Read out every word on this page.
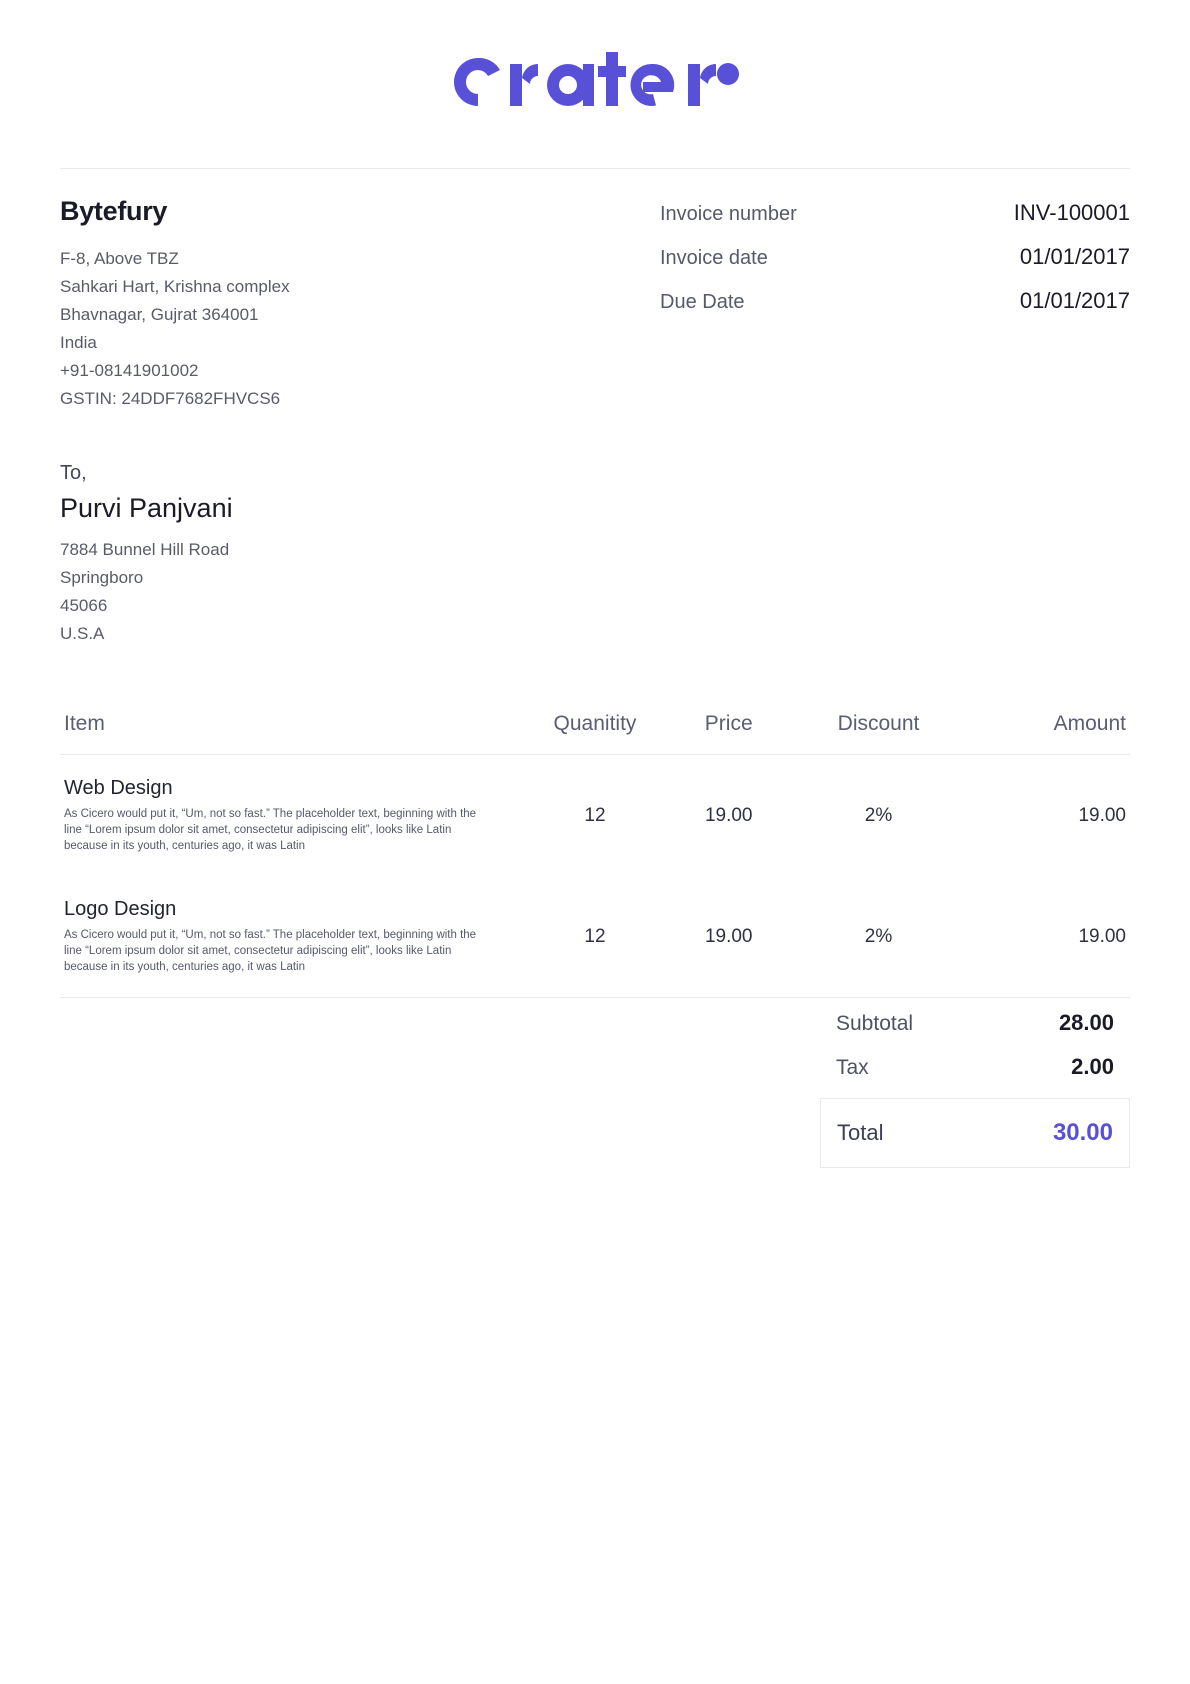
Bytefury
F-8, Above TBZ
Sahkari Hart, Krishna complex
Bhavnagar, Gujrat 364001
India
+91-08141901002
GSTIN: 24DDF7682FHVCS6
Invoice number	INV-100001
Invoice date	01/01/2017
Due Date	01/01/2017
To,
Purvi Panjvani
7884 Bunnel Hill Road
Springboro
45066
U.S.A
Item	Quanitity	Price	Discount	Amount

Web Design
As Cicero would put it, “Um, not so fast.” The placeholder text, beginning with the line “Lorem ipsum dolor sit amet, consectetur adipiscing elit”, looks like Latin because in its youth, centuries ago, it was Latin	12	19.00	2%	19.00

Logo Design
As Cicero would put it, “Um, not so fast.” The placeholder text, beginning with the line “Lorem ipsum dolor sit amet, consectetur adipiscing elit”, looks like Latin because in its youth, centuries ago, it was Latin	12	19.00	2%	19.00
Subtotal	28.00
Tax	2.00
Total	30.00
